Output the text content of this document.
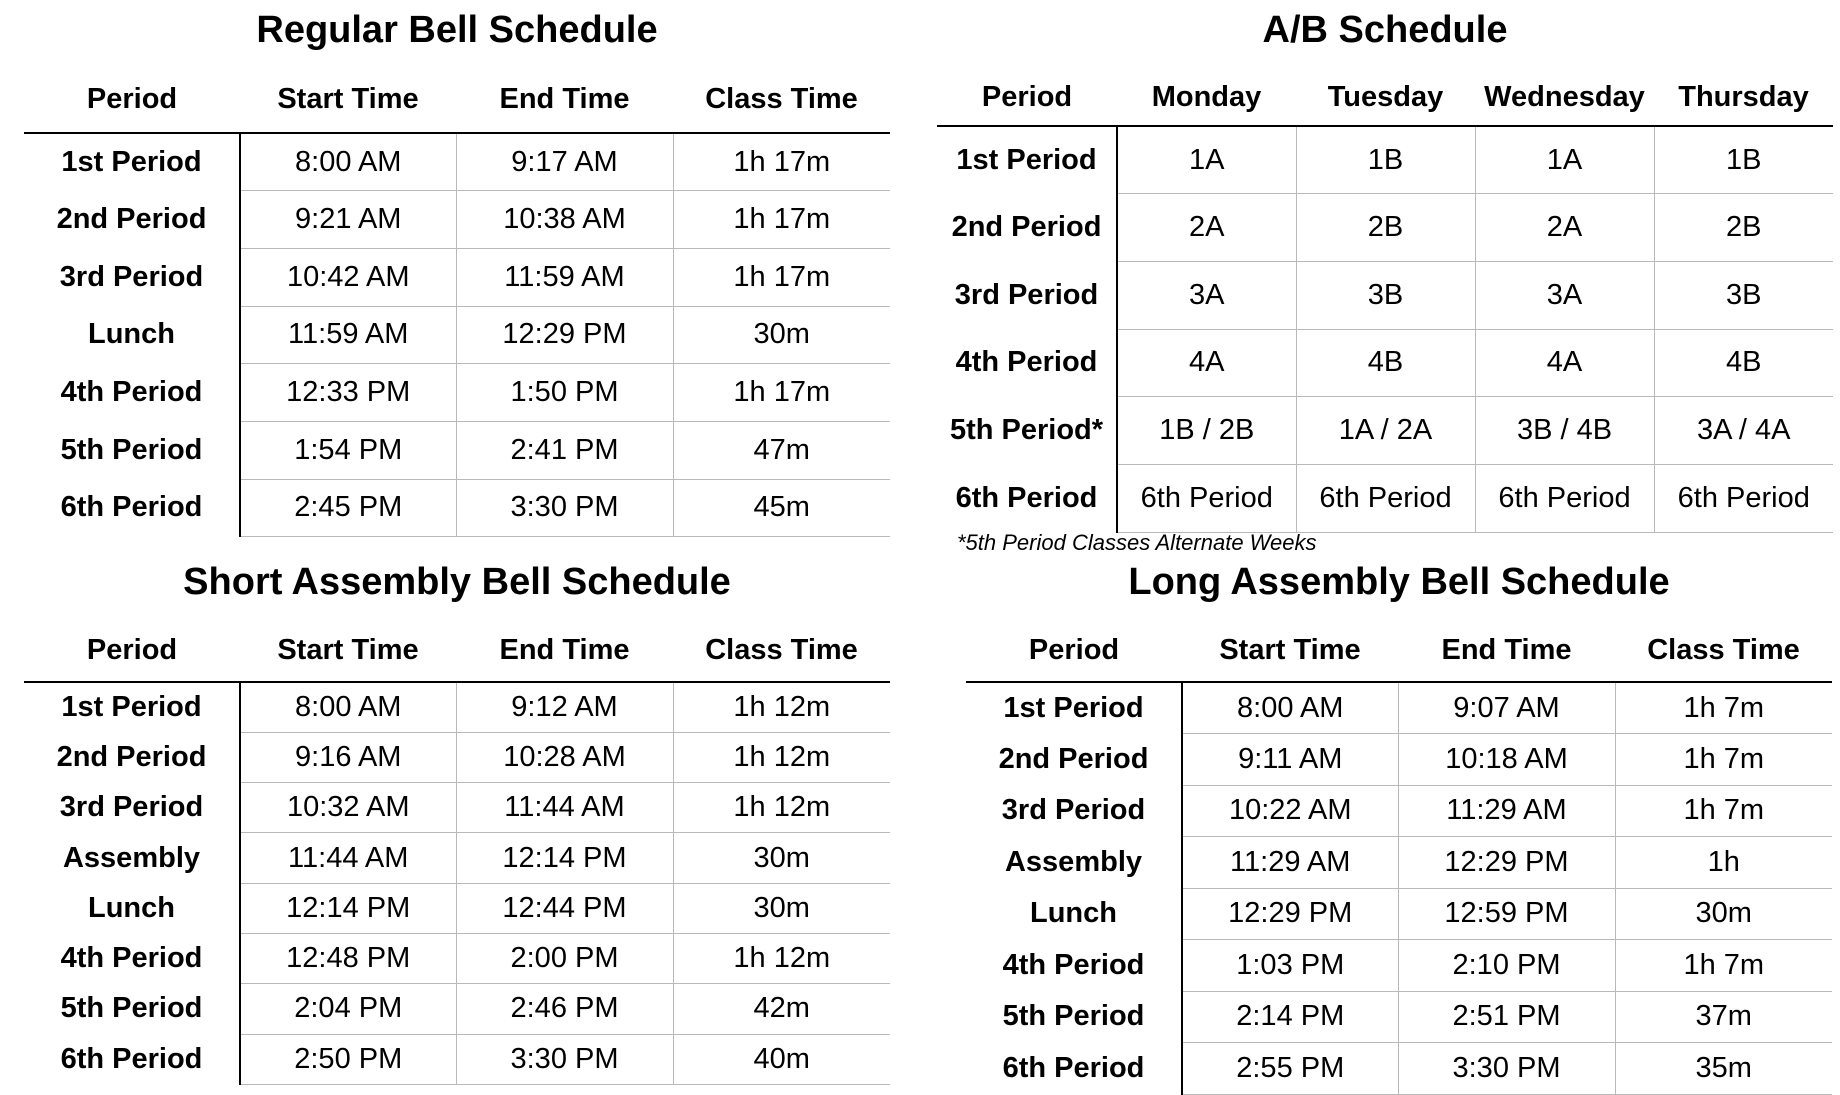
Regular Bell Schedule
Period	Start Time	End Time	Class Time
1st Period	8:00 AM	9:17 AM	1h 17m
2nd Period	9:21 AM	10:38 AM	1h 17m
3rd Period	10:42 AM	11:59 AM	1h 17m
Lunch	11:59 AM	12:29 PM	30m
4th Period	12:33 PM	1:50 PM	1h 17m
5th Period	1:54 PM	2:41 PM	47m
6th Period	2:45 PM	3:30 PM	45m
A/B Schedule
Period	Monday	Tuesday	Wednesday	Thursday
1st Period	1A	1B	1A	1B
2nd Period	2A	2B	2A	2B
3rd Period	3A	3B	3A	3B
4th Period	4A	4B	4A	4B
5th Period*	1B / 2B	1A / 2A	3B / 4B	3A / 4A
6th Period	6th Period	6th Period	6th Period	6th Period
*5th Period Classes Alternate Weeks
Short Assembly Bell Schedule
Period	Start Time	End Time	Class Time
1st Period	8:00 AM	9:12 AM	1h 12m
2nd Period	9:16 AM	10:28 AM	1h 12m
3rd Period	10:32 AM	11:44 AM	1h 12m
Assembly	11:44 AM	12:14 PM	30m
Lunch	12:14 PM	12:44 PM	30m
4th Period	12:48 PM	2:00 PM	1h 12m
5th Period	2:04 PM	2:46 PM	42m
6th Period	2:50 PM	3:30 PM	40m
Long Assembly Bell Schedule
Period	Start Time	End Time	Class Time
1st Period	8:00 AM	9:07 AM	1h 7m
2nd Period	9:11 AM	10:18 AM	1h 7m
3rd Period	10:22 AM	11:29 AM	1h 7m
Assembly	11:29 AM	12:29 PM	1h
Lunch	12:29 PM	12:59 PM	30m
4th Period	1:03 PM	2:10 PM	1h 7m
5th Period	2:14 PM	2:51 PM	37m
6th Period	2:55 PM	3:30 PM	35m
